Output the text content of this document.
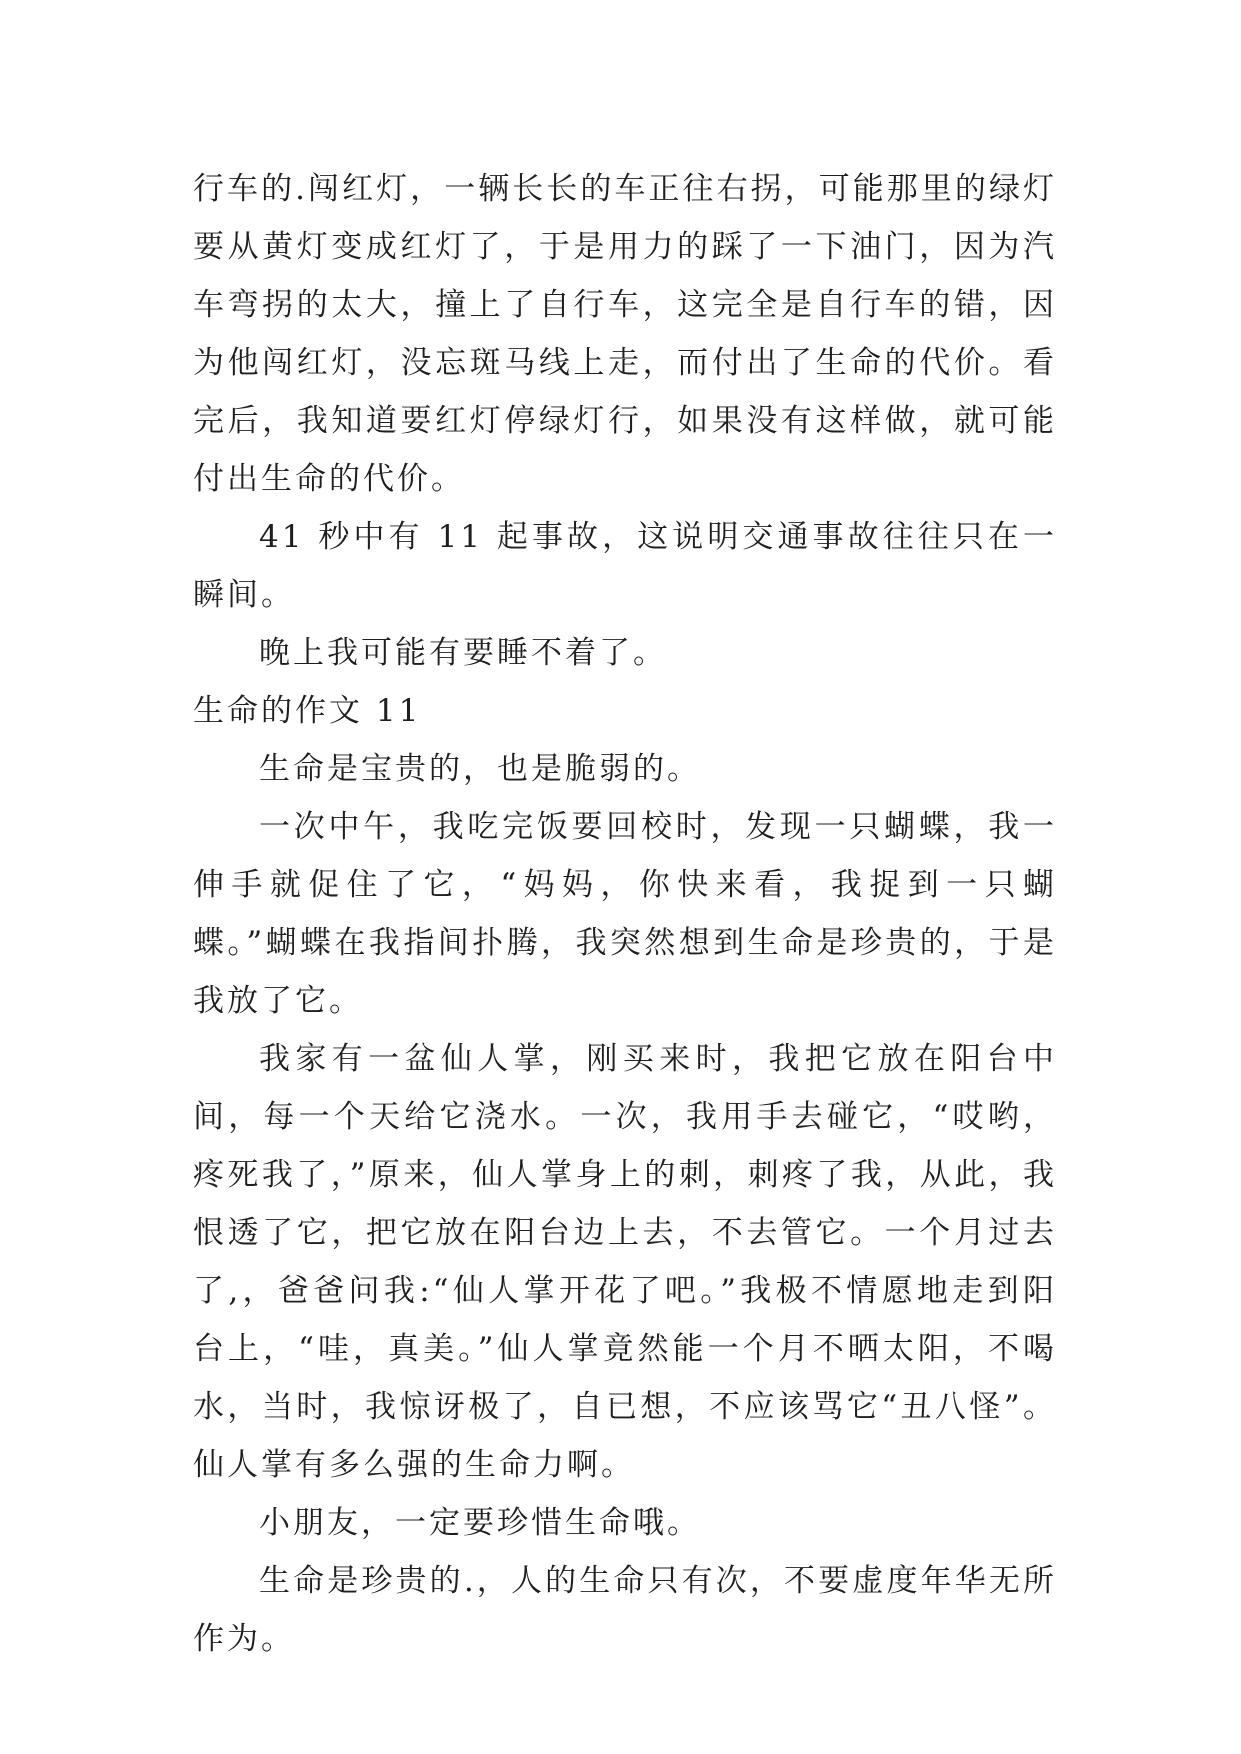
行车的.闯红灯，一辆长长的车正往右拐，可能那里的绿灯要从黄灯变成红灯了，于是用力的踩了一下油门，因为汽车弯拐的太大，撞上了自行车，这完全是自行车的错，因为他闯红灯，没忘斑马线上走，而付出了生命的代价。看完后，我知道要红灯停绿灯行，如果没有这样做，就可能付出生命的代价。

41 秒中有 11 起事故，这说明交通事故往往只在一瞬间。

晚上我可能有要睡不着了。

生命的作文 11

生命是宝贵的，也是脆弱的。

一次中午，我吃完饭要回校时，发现一只蝴蝶，我一伸手就促住了它，“妈妈，你快来看，我捉到一只蝴蝶。”蝴蝶在我指间扑腾，我突然想到生命是珍贵的，于是我放了它。

我家有一盆仙人掌，刚买来时，我把它放在阳台中间，每一个天给它浇水。一次，我用手去碰它，“哎哟，疼死我了，”原来，仙人掌身上的刺，刺疼了我，从此，我恨透了它，把它放在阳台边上去，不去管它。一个月过去了,，爸爸问我:“仙人掌开花了吧。”我极不情愿地走到阳台上，“哇，真美。”仙人掌竟然能一个月不晒太阳，不喝水，当时，我惊讶极了，自已想，不应该骂它“丑八怪”。仙人掌有多么强的生命力啊。

小朋友，一定要珍惜生命哦。

生命是珍贵的.，人的生命只有次，不要虚度年华无所作为。
